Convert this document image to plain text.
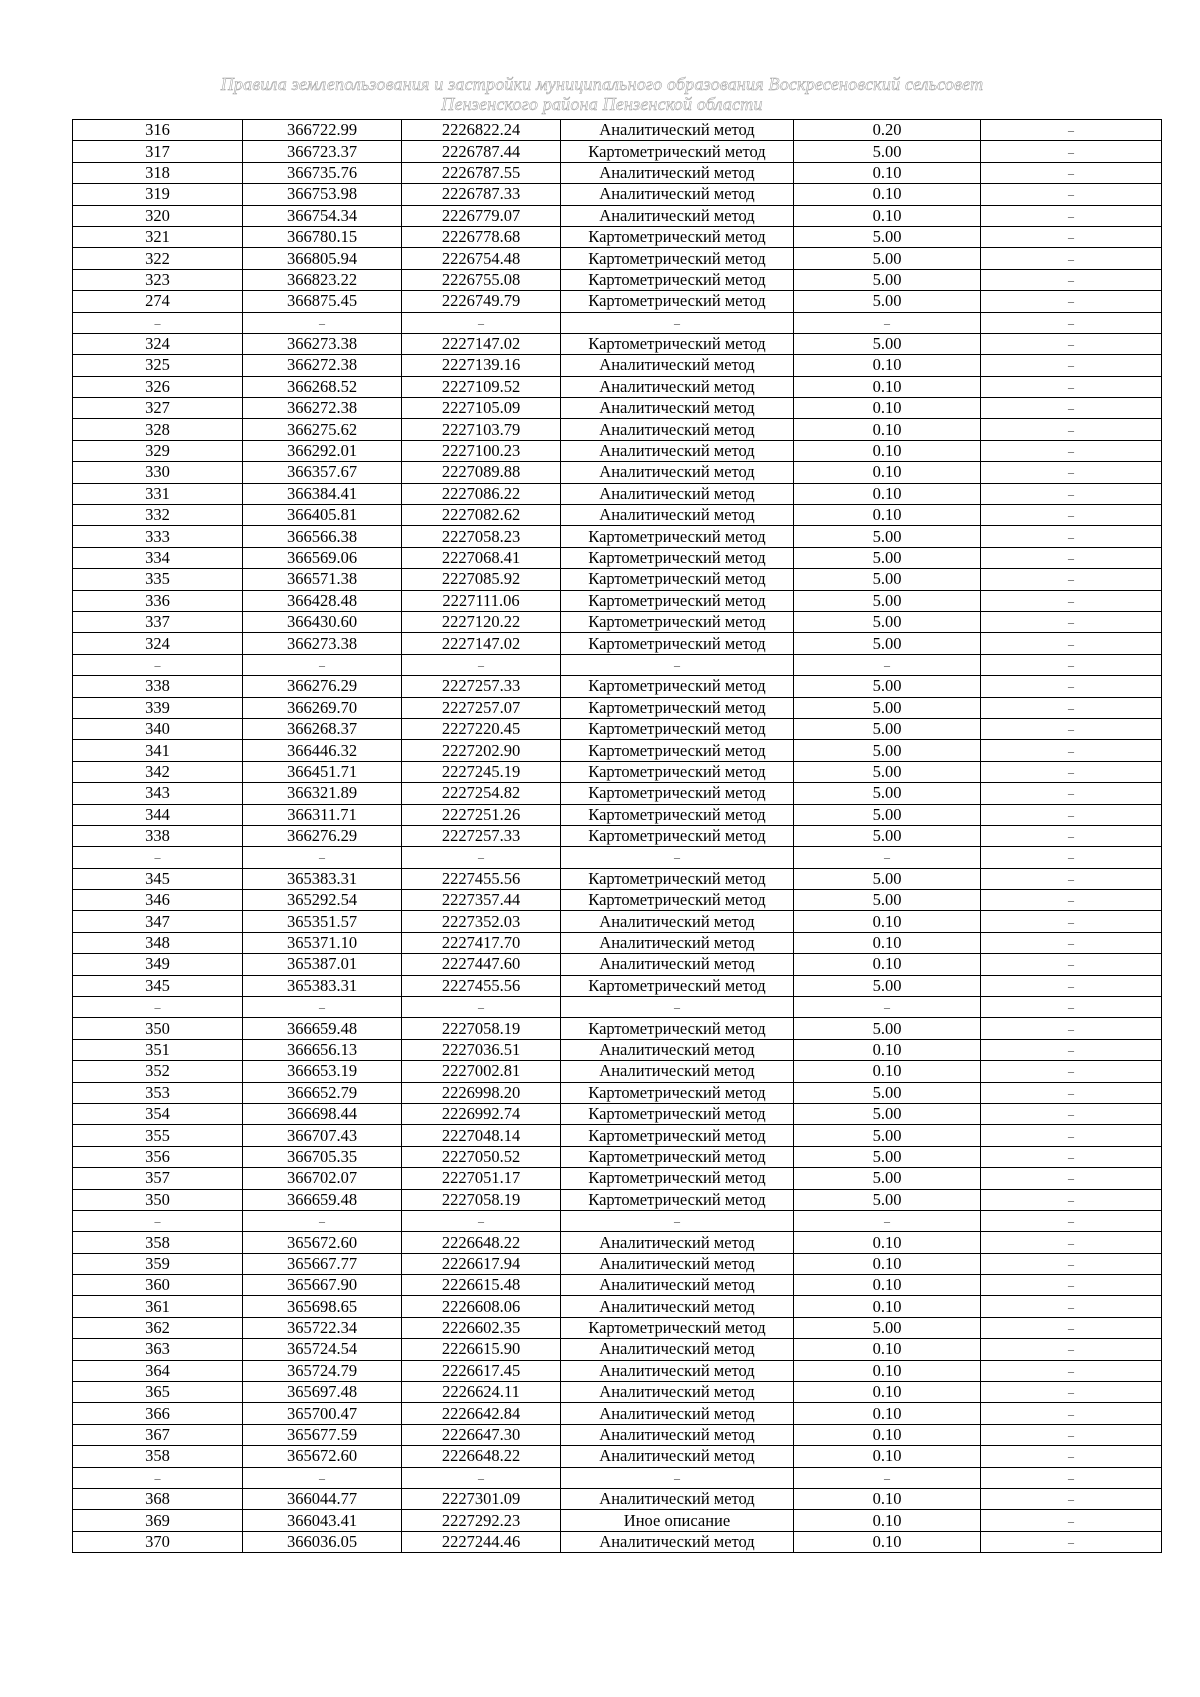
Правила землепользования и застройки муниципального образования Воскресеновский сельсовет
Пензенского района Пензенской области
316	366722.99	2226822.24	Аналитический метод	0.20	–
317	366723.37	2226787.44	Картометрический метод	5.00	–
318	366735.76	2226787.55	Аналитический метод	0.10	–
319	366753.98	2226787.33	Аналитический метод	0.10	–
320	366754.34	2226779.07	Аналитический метод	0.10	–
321	366780.15	2226778.68	Картометрический метод	5.00	–
322	366805.94	2226754.48	Картометрический метод	5.00	–
323	366823.22	2226755.08	Картометрический метод	5.00	–
274	366875.45	2226749.79	Картометрический метод	5.00	–
–	–	–	–	–	–
324	366273.38	2227147.02	Картометрический метод	5.00	–
325	366272.38	2227139.16	Аналитический метод	0.10	–
326	366268.52	2227109.52	Аналитический метод	0.10	–
327	366272.38	2227105.09	Аналитический метод	0.10	–
328	366275.62	2227103.79	Аналитический метод	0.10	–
329	366292.01	2227100.23	Аналитический метод	0.10	–
330	366357.67	2227089.88	Аналитический метод	0.10	–
331	366384.41	2227086.22	Аналитический метод	0.10	–
332	366405.81	2227082.62	Аналитический метод	0.10	–
333	366566.38	2227058.23	Картометрический метод	5.00	–
334	366569.06	2227068.41	Картометрический метод	5.00	–
335	366571.38	2227085.92	Картометрический метод	5.00	–
336	366428.48	2227111.06	Картометрический метод	5.00	–
337	366430.60	2227120.22	Картометрический метод	5.00	–
324	366273.38	2227147.02	Картометрический метод	5.00	–
–	–	–	–	–	–
338	366276.29	2227257.33	Картометрический метод	5.00	–
339	366269.70	2227257.07	Картометрический метод	5.00	–
340	366268.37	2227220.45	Картометрический метод	5.00	–
341	366446.32	2227202.90	Картометрический метод	5.00	–
342	366451.71	2227245.19	Картометрический метод	5.00	–
343	366321.89	2227254.82	Картометрический метод	5.00	–
344	366311.71	2227251.26	Картометрический метод	5.00	–
338	366276.29	2227257.33	Картометрический метод	5.00	–
–	–	–	–	–	–
345	365383.31	2227455.56	Картометрический метод	5.00	–
346	365292.54	2227357.44	Картометрический метод	5.00	–
347	365351.57	2227352.03	Аналитический метод	0.10	–
348	365371.10	2227417.70	Аналитический метод	0.10	–
349	365387.01	2227447.60	Аналитический метод	0.10	–
345	365383.31	2227455.56	Картометрический метод	5.00	–
–	–	–	–	–	–
350	366659.48	2227058.19	Картометрический метод	5.00	–
351	366656.13	2227036.51	Аналитический метод	0.10	–
352	366653.19	2227002.81	Аналитический метод	0.10	–
353	366652.79	2226998.20	Картометрический метод	5.00	–
354	366698.44	2226992.74	Картометрический метод	5.00	–
355	366707.43	2227048.14	Картометрический метод	5.00	–
356	366705.35	2227050.52	Картометрический метод	5.00	–
357	366702.07	2227051.17	Картометрический метод	5.00	–
350	366659.48	2227058.19	Картометрический метод	5.00	–
–	–	–	–	–	–
358	365672.60	2226648.22	Аналитический метод	0.10	–
359	365667.77	2226617.94	Аналитический метод	0.10	–
360	365667.90	2226615.48	Аналитический метод	0.10	–
361	365698.65	2226608.06	Аналитический метод	0.10	–
362	365722.34	2226602.35	Картометрический метод	5.00	–
363	365724.54	2226615.90	Аналитический метод	0.10	–
364	365724.79	2226617.45	Аналитический метод	0.10	–
365	365697.48	2226624.11	Аналитический метод	0.10	–
366	365700.47	2226642.84	Аналитический метод	0.10	–
367	365677.59	2226647.30	Аналитический метод	0.10	–
358	365672.60	2226648.22	Аналитический метод	0.10	–
–	–	–	–	–	–
368	366044.77	2227301.09	Аналитический метод	0.10	–
369	366043.41	2227292.23	Иное описание	0.10	–
370	366036.05	2227244.46	Аналитический метод	0.10	–
